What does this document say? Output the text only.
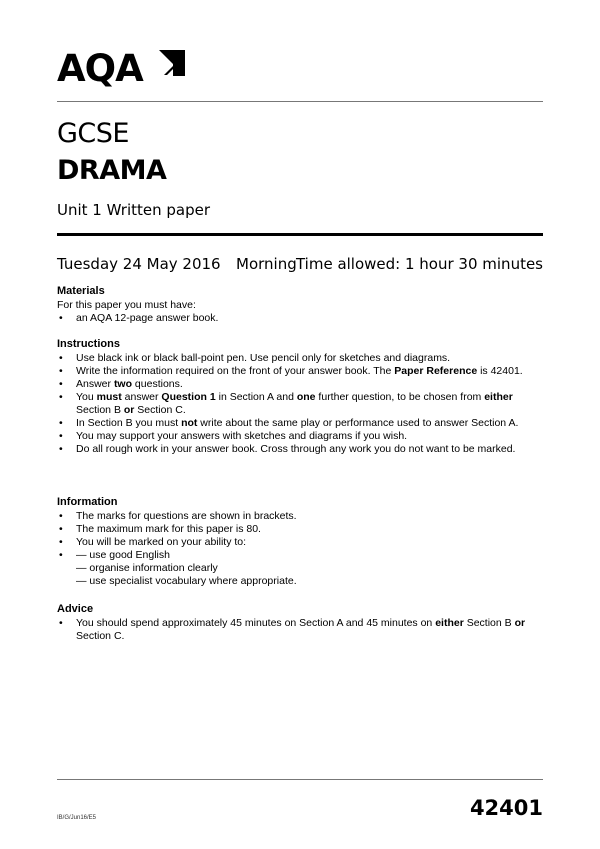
AQA
GCSE
DRAMA
Unit 1 Written paper
Tuesday 24 May 2016 Morning Time allowed: 1 hour 30 minutes
Materials

For this paper you must have:

• an AQA 12-page answer book.
Instructions
• Use black ink or black ball-point pen. Use pencil only for sketches and diagrams.
• Write the information required on the front of your answer book. The Paper Reference is 42401.
• Answer two questions.
• You must answer Question 1 in Section A and one further question, to be chosen from either Section B or Section C.
• In Section B you must not write about the same play or performance used to answer Section A.
• You may support your answers with sketches and diagrams if you wish.
• Do all rough work in your answer book. Cross through any work you do not want to be marked.
Information
• The marks for questions are shown in brackets.
• The maximum mark for this paper is 80.
• You will be marked on your ability to:
• — use good English
— organise information clearly
— use specialist vocabulary where appropriate.
Advice
• You should spend approximately 45 minutes on Section A and 45 minutes on either Section B or Section C.
IB/G/Jun16/E5	42401
